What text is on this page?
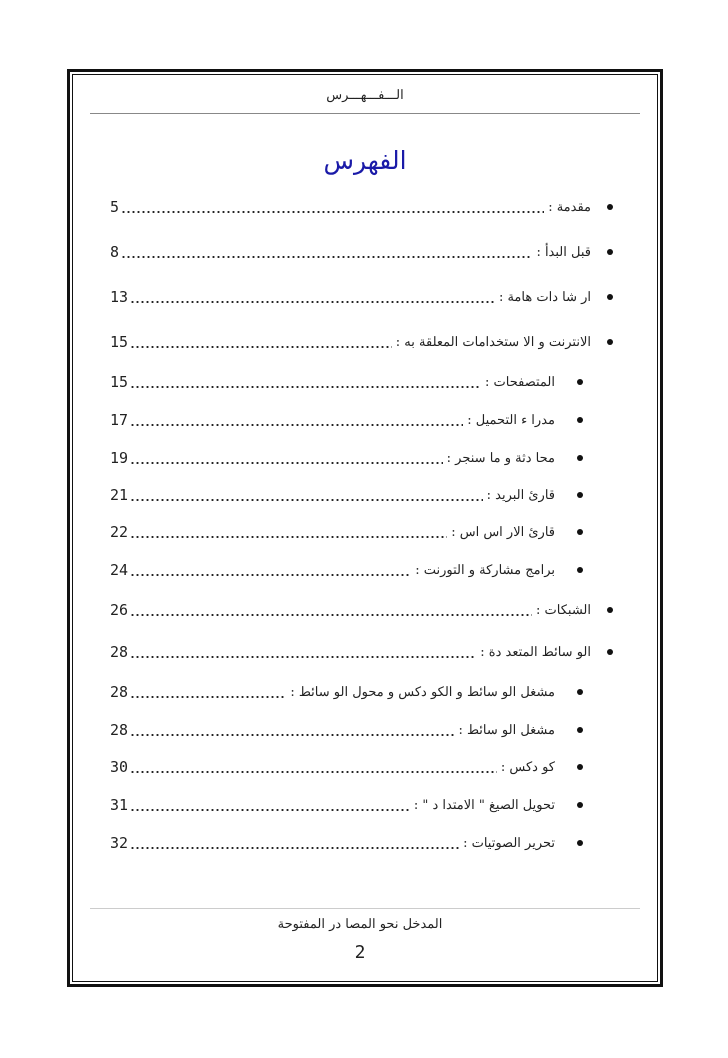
الـــفـــهـــرس
الفهرس
مقدمة :
5
قبل البدأ :
8
ار شا دات هامة :
13
الانترنت و الا ستخدامات المعلقة به :
15
المتصفحات :
15
مدرا ء التحميل :
17
محا دثة و ما سنجر :
19
قارئ البريد :
21
قارئ الار اس اس :
22
برامج مشاركة و التورنت :
24
الشبكات :
26
الو سائط المتعد دة :
28
مشغل الو سائط و الكو دكس و محول الو سائط :
28
مشغل الو سائط :
28
كو دكس :
30
تحويل الصيغ " الامتدا د " :
31
تحرير الصوتيات :
32
المدخل نحو المصا در المفتوحة
2
